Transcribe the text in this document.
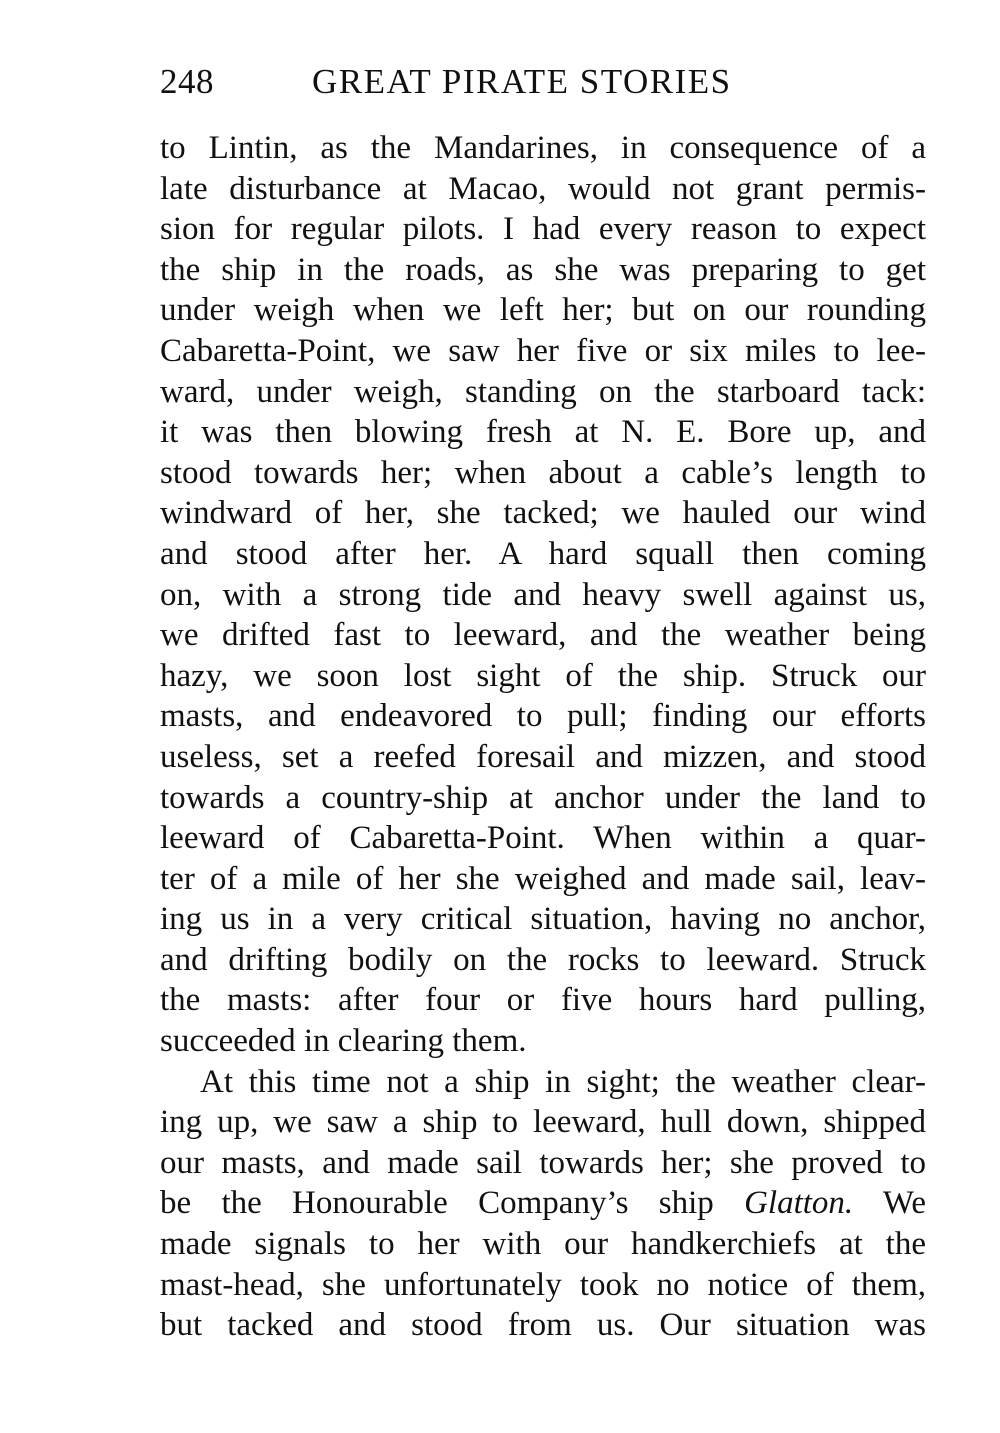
248	GREAT PIRATE STORIES
to Lintin, as the Mandarines, in consequence of a
late disturbance at Macao, would not grant permis-
sion for regular pilots. I had every reason to expect
the ship in the roads, as she was preparing to get
under weigh when we left her; but on our rounding
Cabaretta-Point, we saw her five or six miles to lee-
ward, under weigh, standing on the starboard tack:
it was then blowing fresh at N. E. Bore up, and
stood towards her; when about a cable’s length to
windward of her, she tacked; we hauled our wind
and stood after her. A hard squall then coming
on, with a strong tide and heavy swell against us,
we drifted fast to leeward, and the weather being
hazy, we soon lost sight of the ship. Struck our
masts, and endeavored to pull; finding our efforts
useless, set a reefed foresail and mizzen, and stood
towards a country-ship at anchor under the land to
leeward of Cabaretta-Point. When within a quar-
ter of a mile of her she weighed and made sail, leav-
ing us in a very critical situation, having no anchor,
and drifting bodily on the rocks to leeward. Struck
the masts: after four or five hours hard pulling,
succeeded in clearing them.
At this time not a ship in sight; the weather clear-
ing up, we saw a ship to leeward, hull down, shipped
our masts, and made sail towards her; she proved to
be the Honourable Company’s ship Glatton. We
made signals to her with our handkerchiefs at the
mast-head, she unfortunately took no notice of them,
but tacked and stood from us. Our situation was
